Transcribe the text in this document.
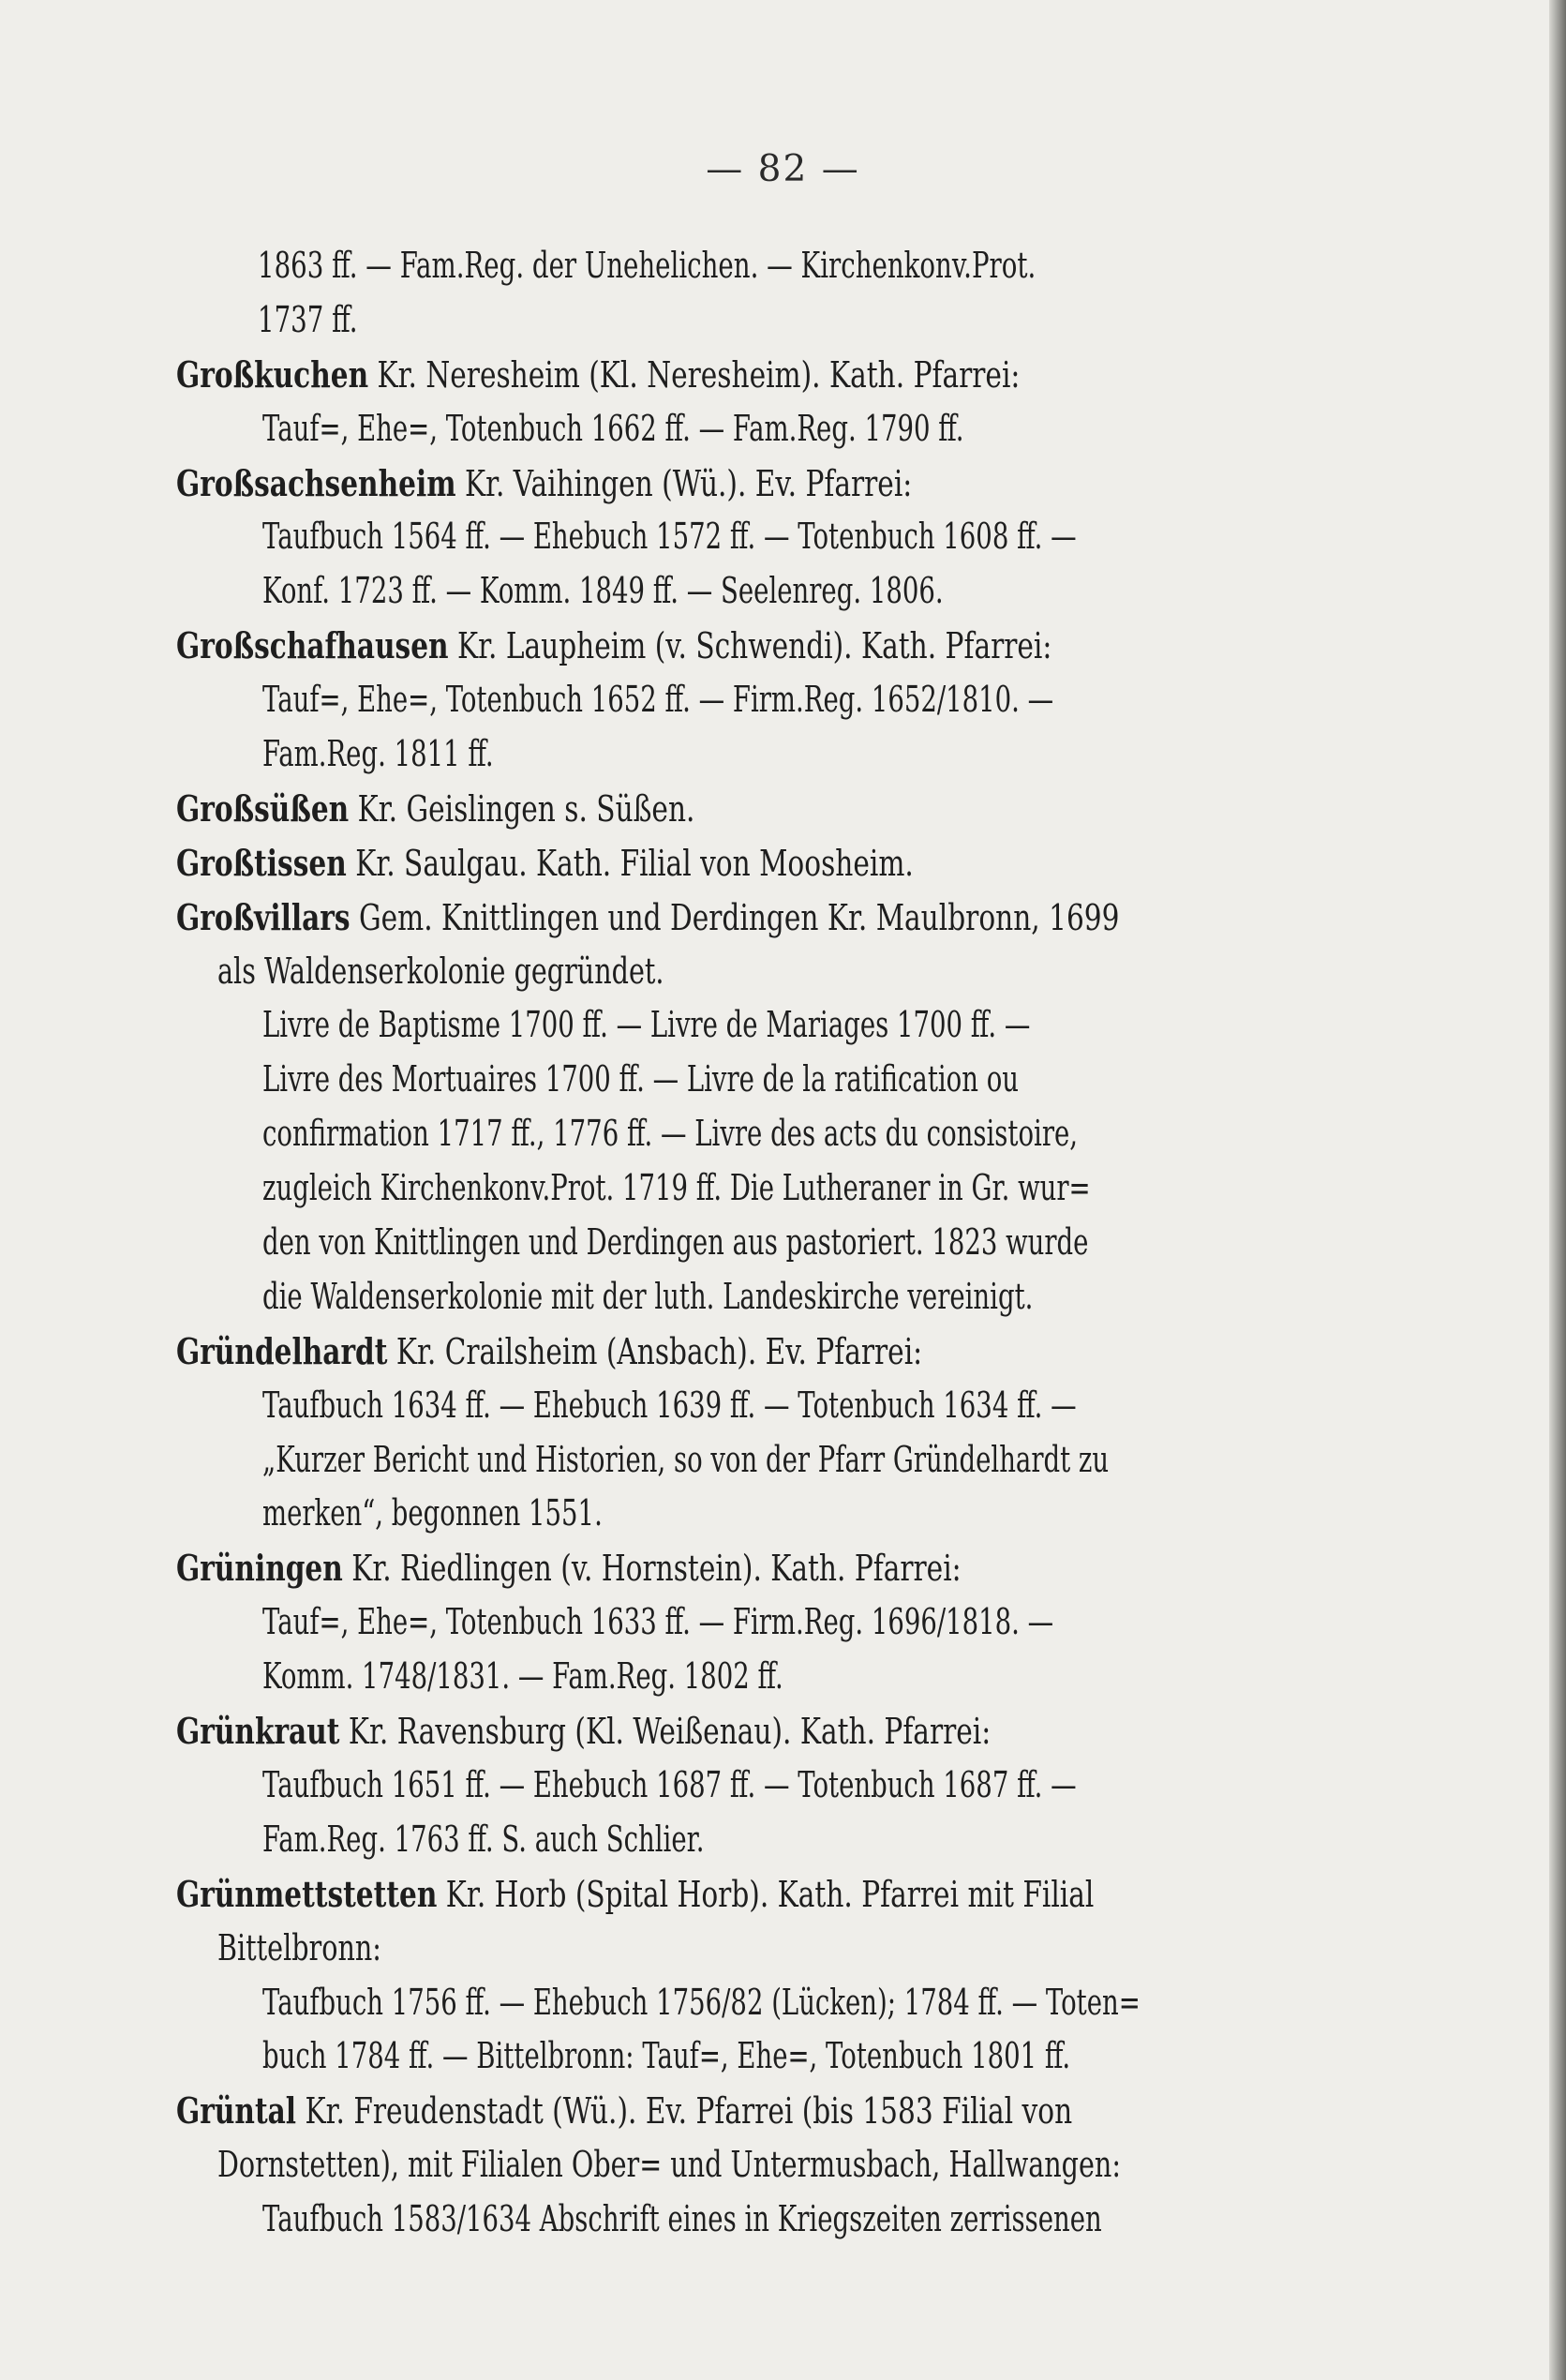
— 82 —
1863 ff. — Fam.Reg. der Unehelichen. — Kirchenkonv.Prot.
1737 ff.
Großkuchen Kr. Neresheim (Kl. Neresheim). Kath. Pfarrei:
Tauf=, Ehe=, Totenbuch 1662 ff. — Fam.Reg. 1790 ff.
Großsachsenheim Kr. Vaihingen (Wü.). Ev. Pfarrei:
Taufbuch 1564 ff. — Ehebuch 1572 ff. — Totenbuch 1608 ff. —
Konf. 1723 ff. — Komm. 1849 ff. — Seelenreg. 1806.
Großschafhausen Kr. Laupheim (v. Schwendi). Kath. Pfarrei:
Tauf=, Ehe=, Totenbuch 1652 ff. — Firm.Reg. 1652/1810. —
Fam.Reg. 1811 ff.
Großsüßen Kr. Geislingen s. Süßen.
Großtissen Kr. Saulgau. Kath. Filial von Moosheim.
Großvillars Gem. Knittlingen und Derdingen Kr. Maulbronn, 1699
als Waldenserkolonie gegründet.
Livre de Baptisme 1700 ff. — Livre de Mariages 1700 ff. —
Livre des Mortuaires 1700 ff. — Livre de la ratification ou
confirmation 1717 ff., 1776 ff. — Livre des acts du consistoire,
zugleich Kirchenkonv.Prot. 1719 ff. Die Lutheraner in Gr. wur=
den von Knittlingen und Derdingen aus pastoriert. 1823 wurde
die Waldenserkolonie mit der luth. Landeskirche vereinigt.
Gründelhardt Kr. Crailsheim (Ansbach). Ev. Pfarrei:
Taufbuch 1634 ff. — Ehebuch 1639 ff. — Totenbuch 1634 ff. —
„Kurzer Bericht und Historien, so von der Pfarr Gründelhardt zu
merken“, begonnen 1551.
Grüningen Kr. Riedlingen (v. Hornstein). Kath. Pfarrei:
Tauf=, Ehe=, Totenbuch 1633 ff. — Firm.Reg. 1696/1818. —
Komm. 1748/1831. — Fam.Reg. 1802 ff.
Grünkraut Kr. Ravensburg (Kl. Weißenau). Kath. Pfarrei:
Taufbuch 1651 ff. — Ehebuch 1687 ff. — Totenbuch 1687 ff. —
Fam.Reg. 1763 ff. S. auch Schlier.
Grünmettstetten Kr. Horb (Spital Horb). Kath. Pfarrei mit Filial
Bittelbronn:
Taufbuch 1756 ff. — Ehebuch 1756/82 (Lücken); 1784 ff. — Toten=
buch 1784 ff. — Bittelbronn: Tauf=, Ehe=, Totenbuch 1801 ff.
Grüntal Kr. Freudenstadt (Wü.). Ev. Pfarrei (bis 1583 Filial von
Dornstetten), mit Filialen Ober= und Untermusbach, Hallwangen:
Taufbuch 1583/1634 Abschrift eines in Kriegszeiten zerrissenen
